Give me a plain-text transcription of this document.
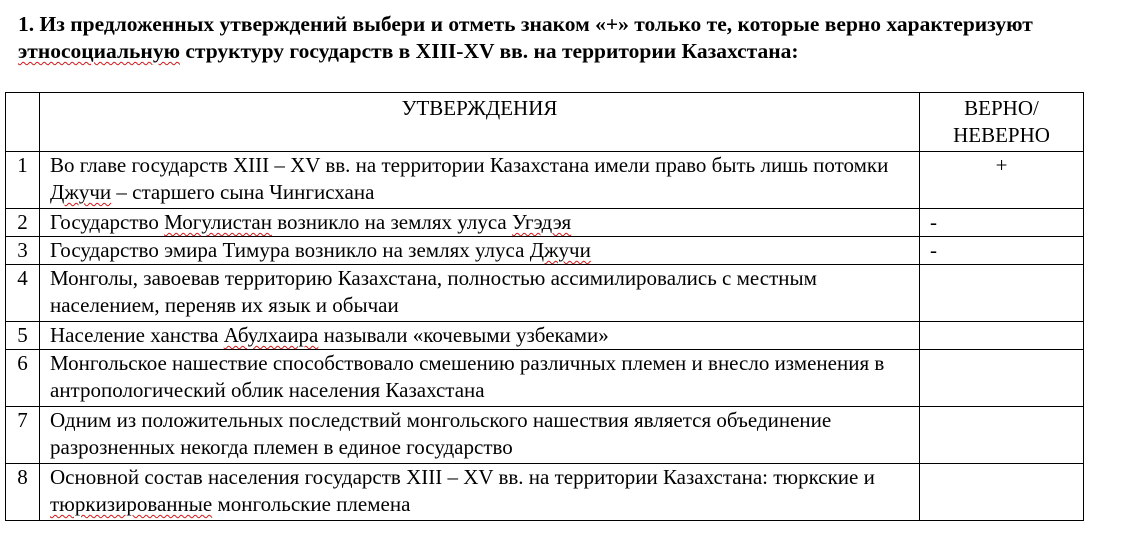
1. Из предложенных утверждений выбери и отметь знаком «+» только те, которые верно характеризуют этносоциальную структуру государств в XIII-XV вв. на территории Казахстана:

	УТВЕРЖДЕНИЯ	ВЕРНО/
НЕВЕРНО
1	Во главе государств XIII – XV вв. на территории Казахстана имели право быть лишь потомки Джучи – старшего сына Чингисхана	+
2	Государство Могулистан возникло на землях улуса Угэдэя	-
3	Государство эмира Тимура возникло на землях улуса Джучи	-
4	Монголы, завоевав территорию Казахстана, полностью ассимилировались с местным населением, переняв их язык и обычаи	
5	Население ханства Абулхаира называли «кочевыми узбеками»	
6	Монгольское нашествие способствовало смешению различных племен и внесло изменения в антропологический облик населения Казахстана	
7	Одним из положительных последствий монгольского нашествия является объединение разрозненных некогда племен в единое государство	
8	Основной состав населения государств XIII – XV вв. на территории Казахстана: тюркские и тюркизированные монгольские племена	
